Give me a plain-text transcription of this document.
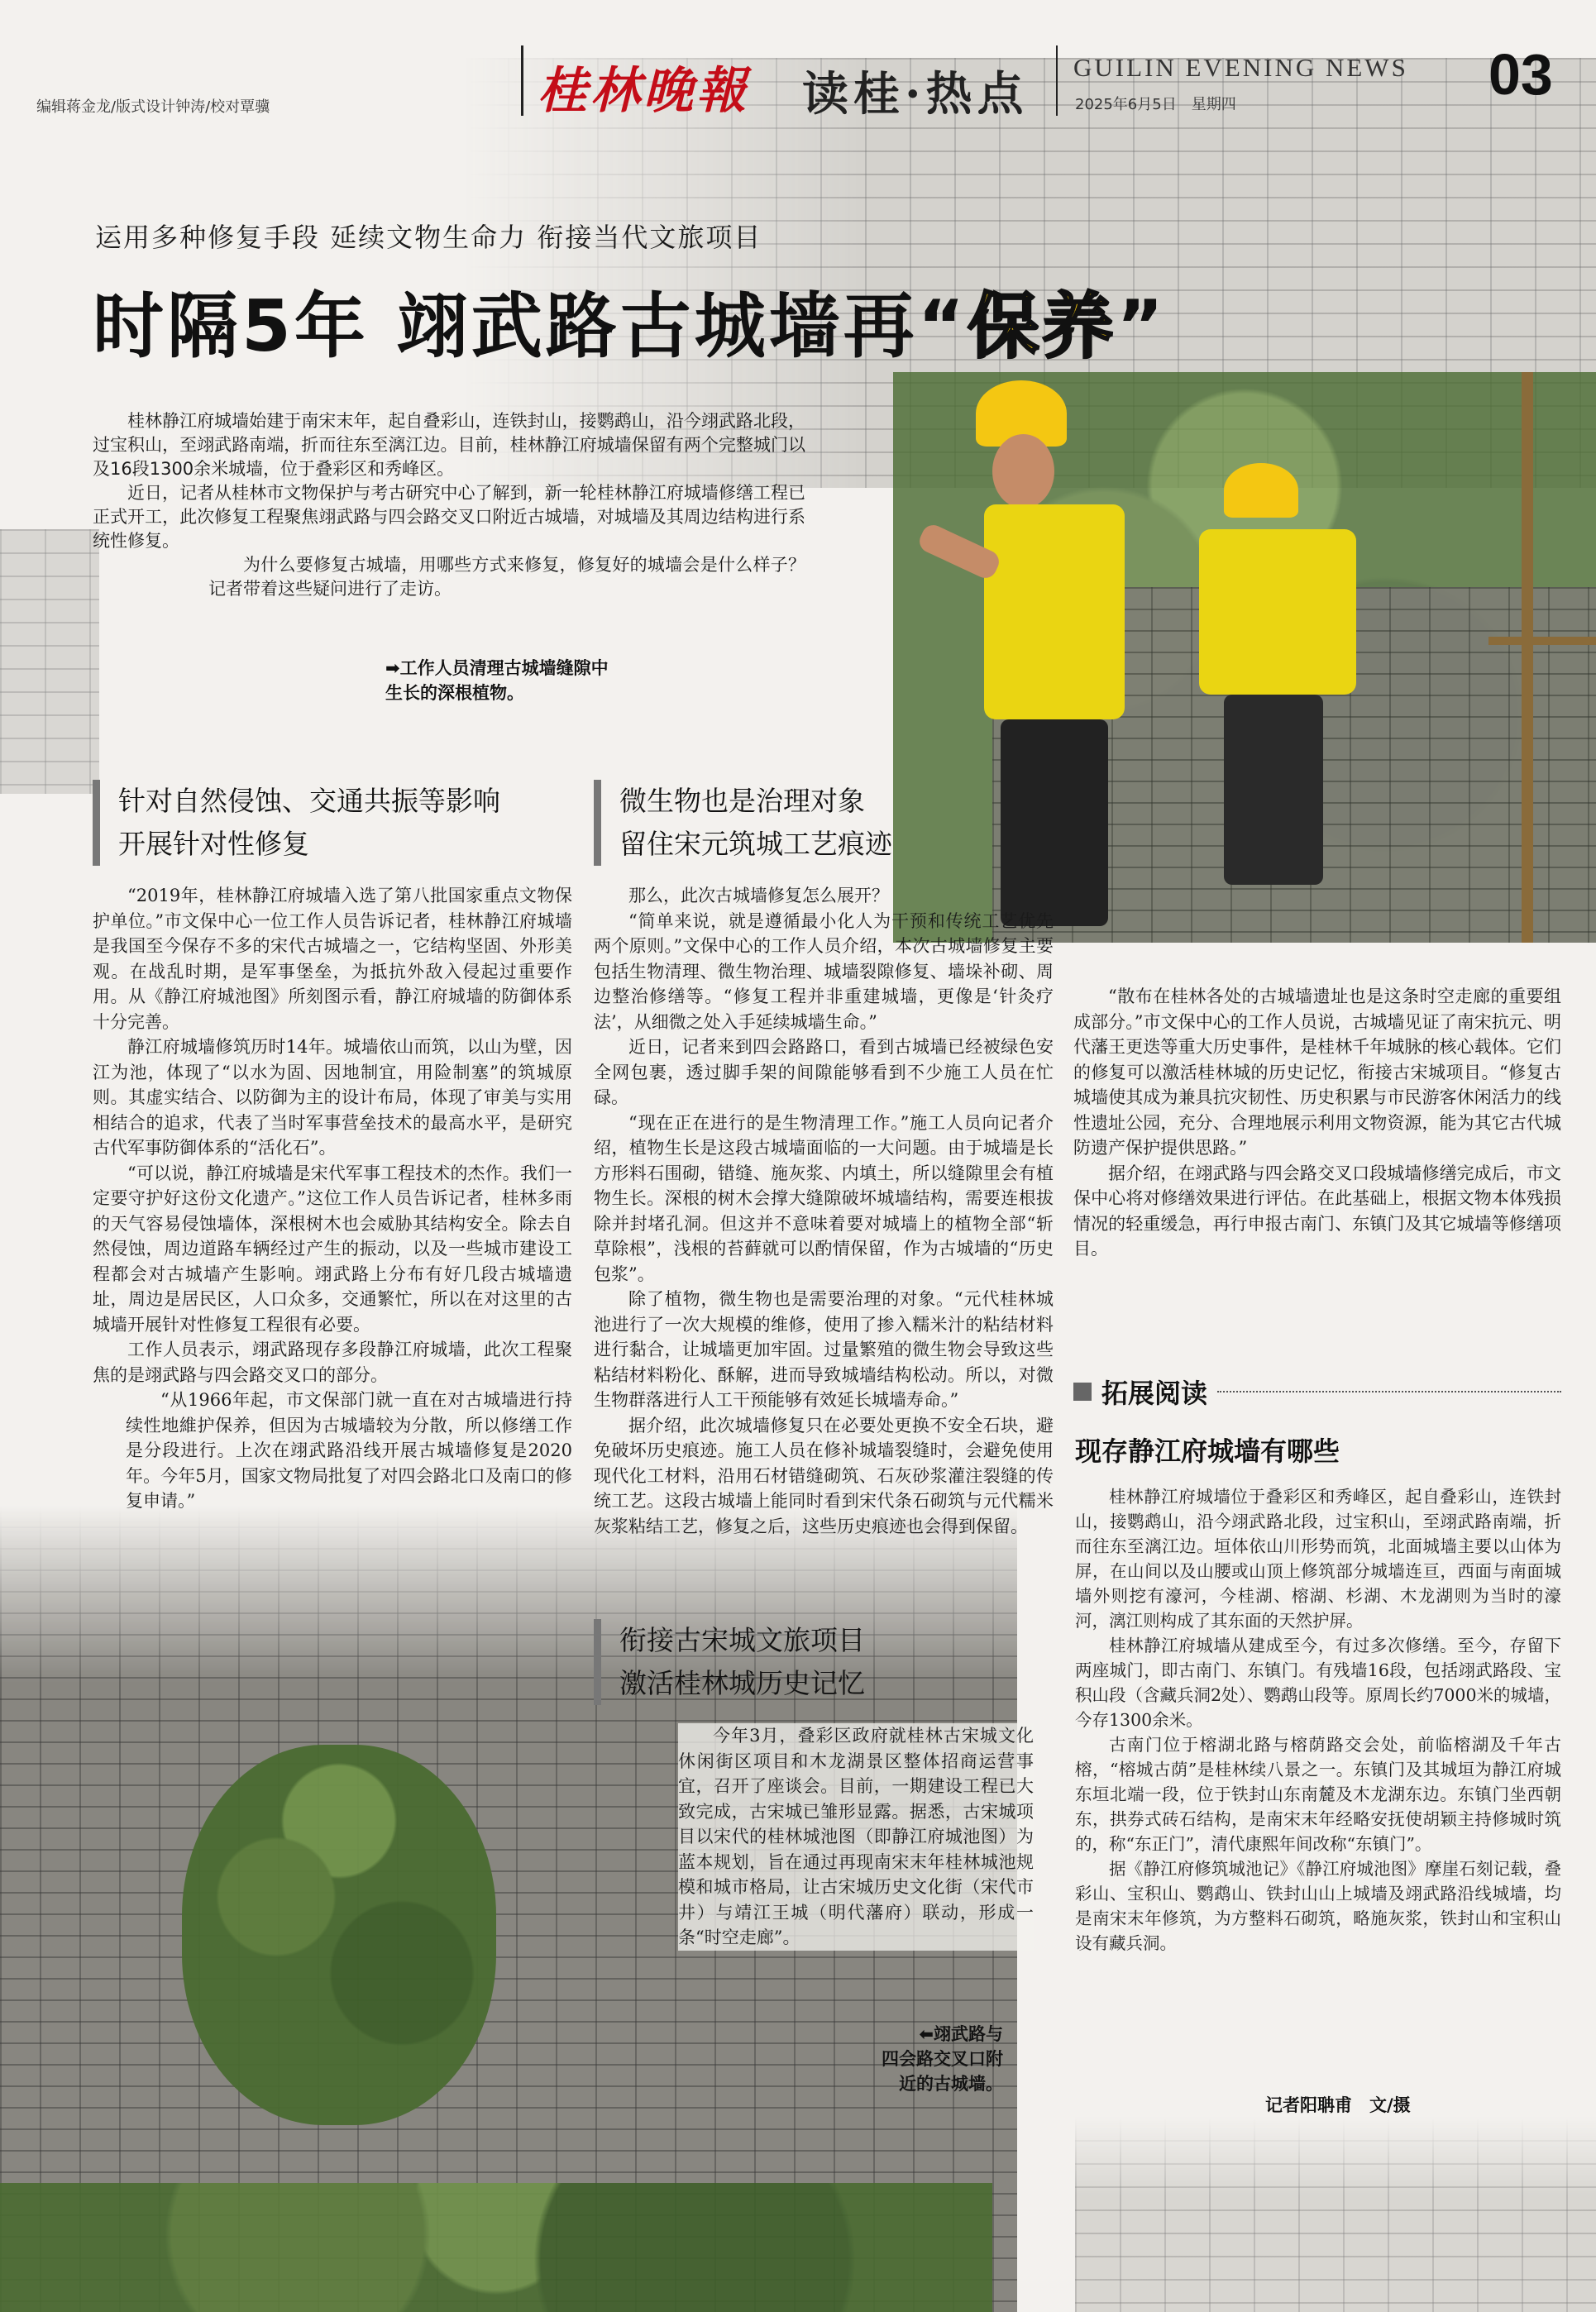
编辑蒋金龙/版式设计钟涛/校对覃骥	桂林晚報 读桂·热点 GUILIN EVENING NEWS
2025年6月5日　星期四	03
运用多种修复手段 延续文物生命力 衔接当代文旅项目
时隔5年 翊武路古城墙再“保养”

桂林静江府城墙始建于南宋末年，起自叠彩山，连铁封山，接鹦鹉山，沿今翊武路北段，过宝积山，至翊武路南端，折而往东至漓江边。目前，桂林静江府城墙保留有两个完整城门以及16段1300余米城墙，位于叠彩区和秀峰区。

近日，记者从桂林市文物保护与考古研究中心了解到，新一轮桂林静江府城墙修缮工程已正式开工，此次修复工程聚焦翊武路与四会路交叉口附近古城墙，对城墙及其周边结构进行系统性修复。

为什么要修复古城墙，用哪些方式来修复，修复好的城墙会是什么样子？记者带着这些疑问进行了走访。

➡工作人员清理古城墙缝隙中
生长的深根植物。
针对自然侵蚀、交通共振等影响
开展针对性修复

“2019年，桂林静江府城墙入选了第八批国家重点文物保护单位。”市文保中心一位工作人员告诉记者，桂林静江府城墙是我国至今保存不多的宋代古城墙之一，它结构坚固、外形美观。在战乱时期，是军事堡垒，为抵抗外敌入侵起过重要作用。从《静江府城池图》所刻图示看，静江府城墙的防御体系十分完善。

静江府城墙修筑历时14年。城墙依山而筑，以山为壁，因江为池，体现了“以水为固、因地制宜，用险制塞”的筑城原则。其虚实结合、以防御为主的设计布局，体现了审美与实用相结合的追求，代表了当时军事营垒技术的最高水平，是研究古代军事防御体系的“活化石”。

“可以说，静江府城墙是宋代军事工程技术的杰作。我们一定要守护好这份文化遗产。”这位工作人员告诉记者，桂林多雨的天气容易侵蚀墙体，深根树木也会威胁其结构安全。除去自然侵蚀，周边道路车辆经过产生的振动，以及一些城市建设工程都会对古城墙产生影响。翊武路上分布有好几段古城墙遗址，周边是居民区，人口众多，交通繁忙，所以在对这里的古城墙开展针对性修复工程很有必要。

工作人员表示，翊武路现存多段静江府城墙，此次工程聚焦的是翊武路与四会路交叉口的部分。

“从1966年起，市文保部门就一直在对古城墙进行持续性地維护保养，但因为古城墙较为分散，所以修缮工作是分段进行。上次在翊武路沿线开展古城墙修复是2020年。今年5月，国家文物局批复了对四会路北口及南口的修复申请。”

微生物也是治理对象
留住宋元筑城工艺痕迹

那么，此次古城墙修复怎么展开？

“简单来说，就是遵循最小化人为干预和传统工艺优先两个原则。”文保中心的工作人员介绍，本次古城墙修复主要包括生物清理、微生物治理、城墙裂隙修复、墙垛补砌、周边整治修缮等。“修复工程并非重建城墙，更像是‘针灸疗法’，从细微之处入手延续城墙生命。”

近日，记者来到四会路路口，看到古城墙已经被绿色安全网包裹，透过脚手架的间隙能够看到不少施工人员在忙碌。

“现在正在进行的是生物清理工作。”施工人员向记者介绍，植物生长是这段古城墙面临的一大问题。由于城墙是长方形料石围砌，错缝、施灰浆、内填土，所以缝隙里会有植物生长。深根的树木会撑大缝隙破坏城墙结构，需要连根拔除并封堵孔洞。但这并不意味着要对城墙上的植物全部“斩草除根”，浅根的苔藓就可以酌情保留，作为古城墙的“历史包浆”。

除了植物，微生物也是需要治理的对象。“元代桂林城池进行了一次大规模的维修，使用了掺入糯米汁的粘结材料进行黏合，让城墙更加牢固。过量繁殖的微生物会导致这些粘结材料粉化、酥解，进而导致城墙结构松动。所以，对微生物群落进行人工干预能够有效延长城墙寿命。”

据介绍，此次城墙修复只在必要处更换不安全石块，避免破坏历史痕迹。施工人员在修补城墙裂缝时，会避免使用现代化工材料，沿用石材错缝砌筑、石灰砂浆灌注裂缝的传统工艺。这段古城墙上能同时看到宋代条石砌筑与元代糯米灰浆粘结工艺，修复之后，这些历史痕迹也会得到保留。

衔接古宋城文旅项目
激活桂林城历史记忆

今年3月，叠彩区政府就桂林古宋城文化休闲街区项目和木龙湖景区整体招商运营事宜，召开了座谈会。目前，一期建设工程已大致完成，古宋城已雏形显露。据悉，古宋城项目以宋代的桂林城池图（即静江府城池图）为蓝本规划，旨在通过再现南宋末年桂林城池规模和城市格局，让古宋城历史文化街（宋代市井）与靖江王城（明代藩府）联动，形成一条“时空走廊”。

“散布在桂林各处的古城墙遗址也是这条时空走廊的重要组成部分。”市文保中心的工作人员说，古城墙见证了南宋抗元、明代藩王更迭等重大历史事件，是桂林千年城脉的核心载体。它们的修复可以激活桂林城的历史记忆，衔接古宋城项目。“修复古城墙使其成为兼具抗灾韧性、历史积累与市民游客休闲活力的线性遗址公园，充分、合理地展示利用文物资源，能为其它古代城防遗产保护提供思路。”

据介绍，在翊武路与四会路交叉口段城墙修缮完成后，市文保中心将对修缮效果进行评估。在此基础上，根据文物本体残损情况的轻重缓急，再行申报古南门、东镇门及其它城墙等修缮项目。

拓展阅读
现存静江府城墙有哪些

桂林静江府城墙位于叠彩区和秀峰区，起自叠彩山，连铁封山，接鹦鹉山，沿今翊武路北段，过宝积山，至翊武路南端，折而往东至漓江边。垣体依山川形势而筑，北面城墙主要以山体为屏，在山间以及山腰或山顶上修筑部分城墙连亘，西面与南面城墙外则挖有濠河，今桂湖、榕湖、杉湖、木龙湖则为当时的濠河，漓江则构成了其东面的天然护屏。

桂林静江府城墙从建成至今，有过多次修缮。至今，存留下两座城门，即古南门、东镇门。有残墙16段，包括翊武路段、宝积山段（含藏兵洞2处）、鹦鹉山段等。原周长约7000米的城墙，今存1300余米。

古南门位于榕湖北路与榕荫路交会处，前临榕湖及千年古榕，“榕城古荫”是桂林续八景之一。东镇门及其城垣为静江府城东垣北端一段，位于铁封山东南麓及木龙湖东边。东镇门坐西朝东，拱券式砖石结构，是南宋末年经略安抚使胡颖主持修城时筑的，称“东正门”，清代康熙年间改称“东镇门”。

据《静江府修筑城池记》《静江府城池图》摩崖石刻记载，叠彩山、宝积山、鹦鹉山、铁封山山上城墙及翊武路沿线城墙，均是南宋末年修筑，为方整料石砌筑，略施灰浆，铁封山和宝积山设有藏兵洞。

记者阳聃甫　文/摄
⬅翊武路与
四会路交叉口附
近的古城墙。
